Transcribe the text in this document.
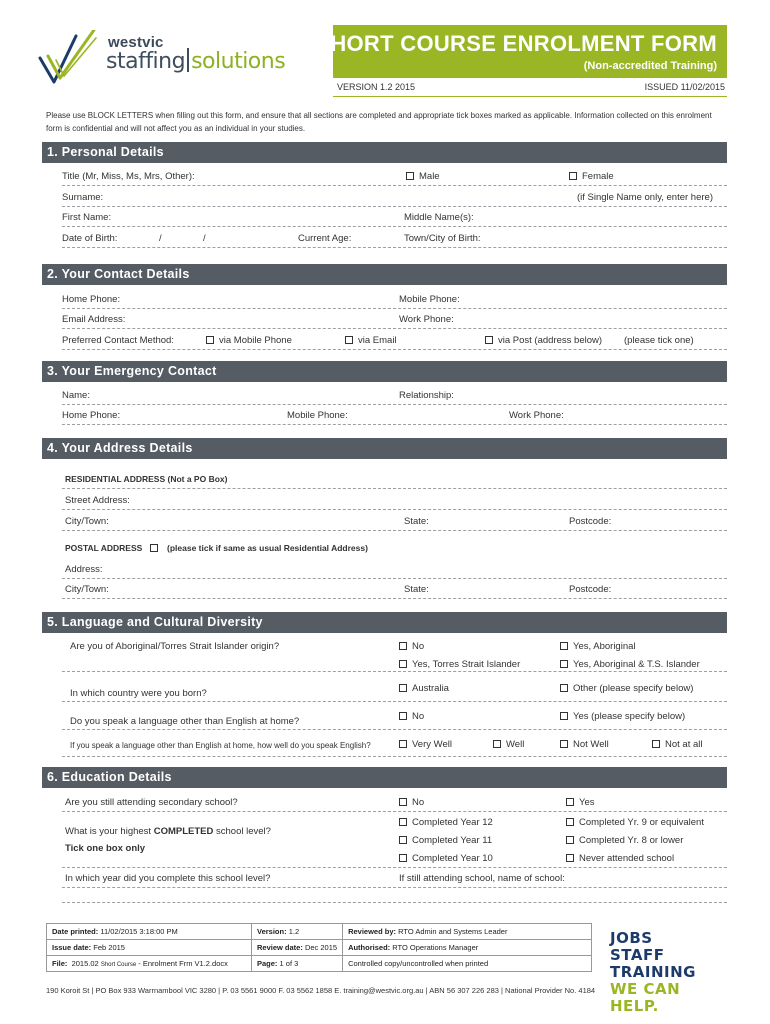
westvic
staffing solutions
SHORT COURSE ENROLMENT FORM
(Non-accredited Training)
VERSION 1.2 2015	ISSUED 11/02/2015
Please use BLOCK LETTERS when filling out this form, and ensure that all sections are completed and appropriate tick boxes marked as applicable. Information collected on this enrolment form is confidential and will not affect you as an individual in your studies.
1. Personal Details
Title (Mr, Miss, Ms, Mrs, Other):	Male	Female
Surname:	(if Single Name only, enter here)
First Name:	Middle Name(s):
Date of Birth:	/	/	Current Age:	Town/City of Birth:
2. Your Contact Details
Home Phone:	Mobile Phone:
Email Address:	Work Phone:
Preferred Contact Method:	via Mobile Phone	via Email	via Post (address below) (please tick one)
3. Your Emergency Contact
Name:	Relationship:
Home Phone:	Mobile Phone:	Work Phone:
4. Your Address Details
RESIDENTIAL ADDRESS (Not a PO Box)
Street Address:
City/Town:	State:	Postcode:
POSTAL ADDRESS	(please tick if same as usual Residential Address)
Address:
City/Town:	State:	Postcode:
5. Language and Cultural Diversity
Are you of Aboriginal/Torres Strait Islander origin?	No	Yes, Aboriginal
Yes, Torres Strait Islander	Yes, Aboriginal & T.S. Islander
In which country were you born?	Australia	Other (please specify below)
Do you speak a language other than English at home?	No	Yes (please specify below)
If you speak a language other than English at home, how well do you speak English?	Very Well	Well	Not Well	Not at all
6. Education Details
Are you still attending secondary school?	No	Yes
What is your highest COMPLETED school level?
Tick one box only
Completed Year 12	Completed Yr. 9 or equivalent
Completed Year 11	Completed Yr. 8 or lower
Completed Year 10	Never attended school
In which year did you complete this school level?	If still attending school, name of school:
Date printed: 11/02/2015 3:18:00 PM	Version: 1.2	Reviewed by: RTO Admin and Systems Leader
Issue date: Feb 2015	Review date: Dec 2015	Authorised: RTO Operations Manager
File: 2015.02 Short Course - Enrolment Frm V1.2.docx	Page: 1 of 3	Controlled copy/uncontrolled when printed
190 Koroit St | PO Box 933 Warrnambool VIC 3280 | P. 03 5561 9000 F. 03 5562 1858 E. training@westvic.org.au | ABN 56 307 226 283 | National Provider No. 4184
JOBS
STAFF
TRAINING
WE CAN HELP.
